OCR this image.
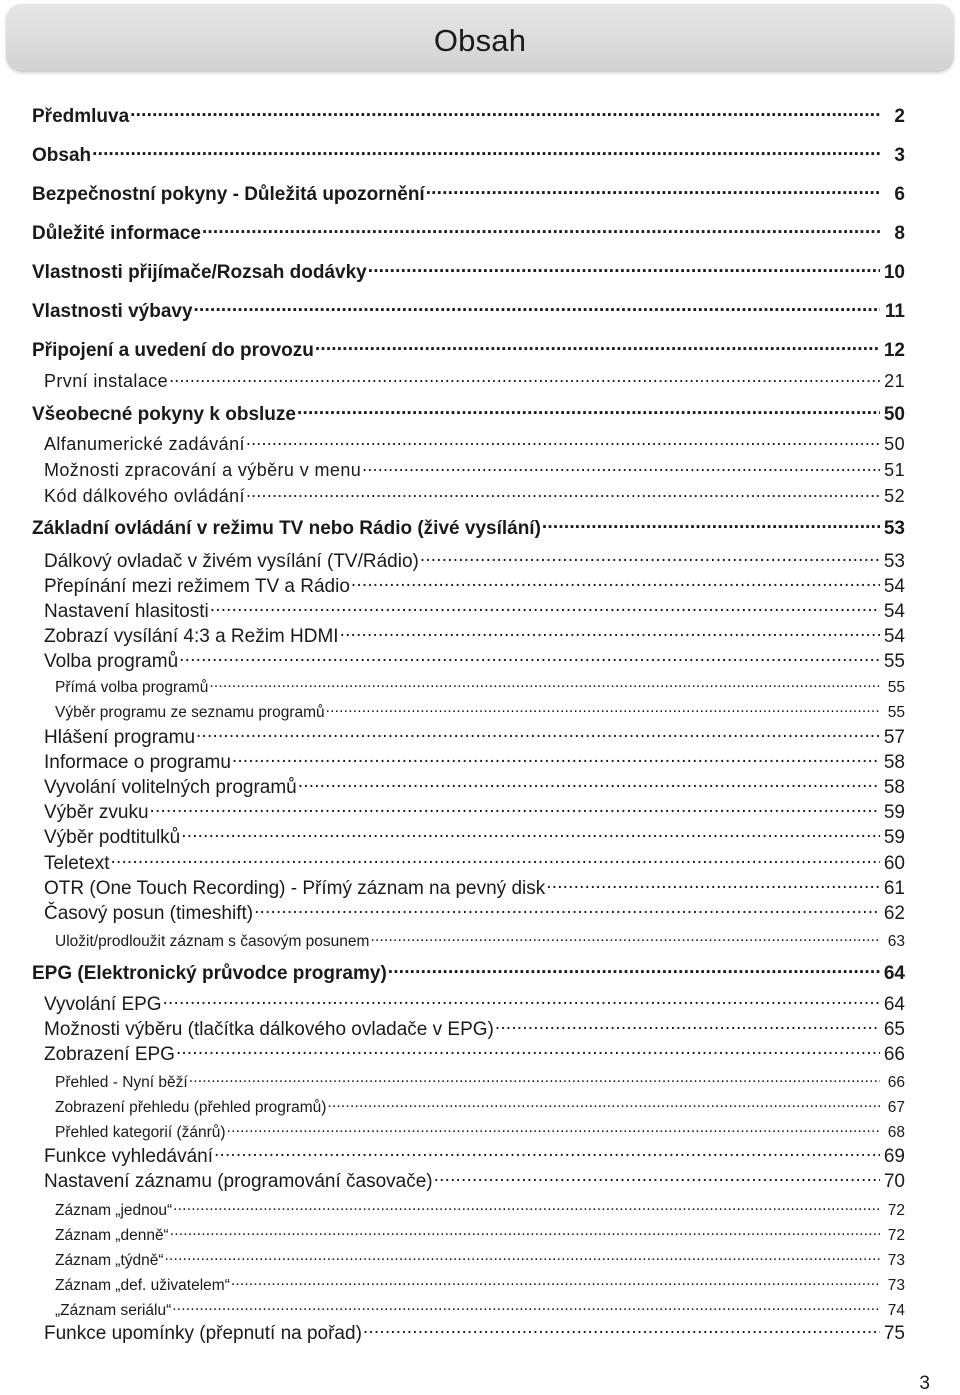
Obsah
Předmluva .....	2
Obsah .....	3
Bezpečnostní pokyny - Důležitá upozornění .....	6
Důležité informace .....	8
Vlastnosti přijímače/Rozsah dodávky .....	10
Vlastnosti výbavy .....	11
Připojení a uvedení do provozu .....	12
První instalace .....	21
Všeobecné pokyny k obsluze .....	50
Alfanumerické zadávání .....	50
Možnosti zpracování a výběru v menu .....	51
Kód dálkového ovládání .....	52
Základní ovládání v režimu TV nebo Rádio (živé vysílání) .....	53
Dálkový ovladač v živém vysílání (TV/Rádio) .....	53
Přepínání mezi režimem TV a Rádio .....	54
Nastavení hlasitosti .....	54
Zobrazí vysílání 4:3 a Režim HDMI .....	54
Volba programů .....	55
Přímá volba programů .....	55
Výběr programu ze seznamu programů .....	55
Hlášení programu .....	57
Informace o programu .....	58
Vyvolání volitelných programů .....	58
Výběr zvuku .....	59
Výběr podtitulků .....	59
Teletext .....	60
OTR (One Touch Recording) - Přímý záznam na pevný disk .....	61
Časový posun (timeshift) .....	62
Uložit/prodloužit záznam s časovým posunem .....	63
EPG (Elektronický průvodce programy) .....	64
Vyvolání EPG .....	64
Možnosti výběru (tlačítka dálkového ovladače v EPG) .....	65
Zobrazení EPG .....	66
Přehled - Nyní běží .....	66
Zobrazení přehledu (přehled programů) .....	67
Přehled kategorií (žánrů) .....	68
Funkce vyhledávání .....	69
Nastavení záznamu (programování časovače) .....	70
Záznam „jednou“ .....	72
Záznam „denně“ .....	72
Záznam „týdně“ .....	73
Záznam „def. uživatelem“ .....	73
„Záznam seriálu“ .....	74
Funkce upomínky (přepnutí na pořad) .....	75
3
